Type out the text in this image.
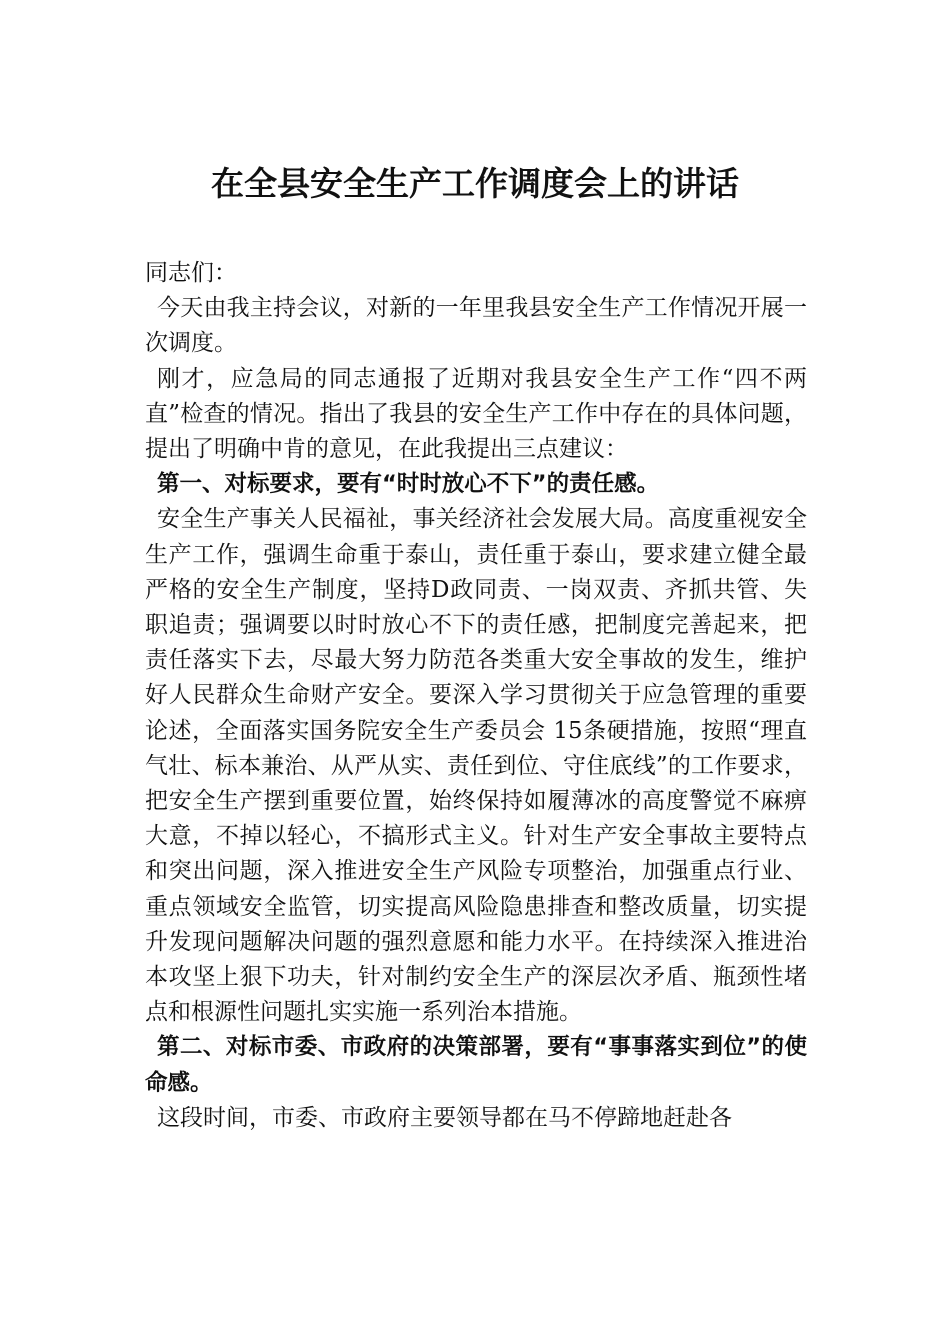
在全县安全生产工作调度会上的讲话

同志们：

今天由我主持会议，对新的一年里我县安全生产工作情况开展一次调度。

刚才，应急局的同志通报了近期对我县安全生产工作“四不两直”检查的情况。指出了我县的安全生产工作中存在的具体问题，提出了明确中肯的意见，在此我提出三点建议：

第一、对标要求，要有“时时放心不下”的责任感。

安全生产事关人民福祉，事关经济社会发展大局。高度重视安全生产工作，强调生命重于泰山，责任重于泰山，要求建立健全最严格的安全生产制度，坚持D政同责、一岗双责、齐抓共管、失职追责；强调要以时时放心不下的责任感，把制度完善起来，把责任落实下去，尽最大努力防范各类重大安全事故的发生，维护好人民群众生命财产安全。要深入学习贯彻关于应急管理的重要论述，全面落实国务院安全生产委员会 15条硬措施，按照“理直气壮、标本兼治、从严从实、责任到位、守住底线”的工作要求，把安全生产摆到重要位置，始终保持如履薄冰的高度警觉不麻痹大意，不掉以轻心，不搞形式主义。针对生产安全事故主要特点和突出问题，深入推进安全生产风险专项整治，加强重点行业、重点领域安全监管，切实提高风险隐患排查和整改质量，切实提升发现问题解决问题的强烈意愿和能力水平。在持续深入推进治本攻坚上狠下功夫，针对制约安全生产的深层次矛盾、瓶颈性堵点和根源性问题扎实实施一系列治本措施。

第二、对标市委、市政府的决策部署，要有“事事落实到位”的使命感。

这段时间，市委、市政府主要领导都在马不停蹄地赶赴各
